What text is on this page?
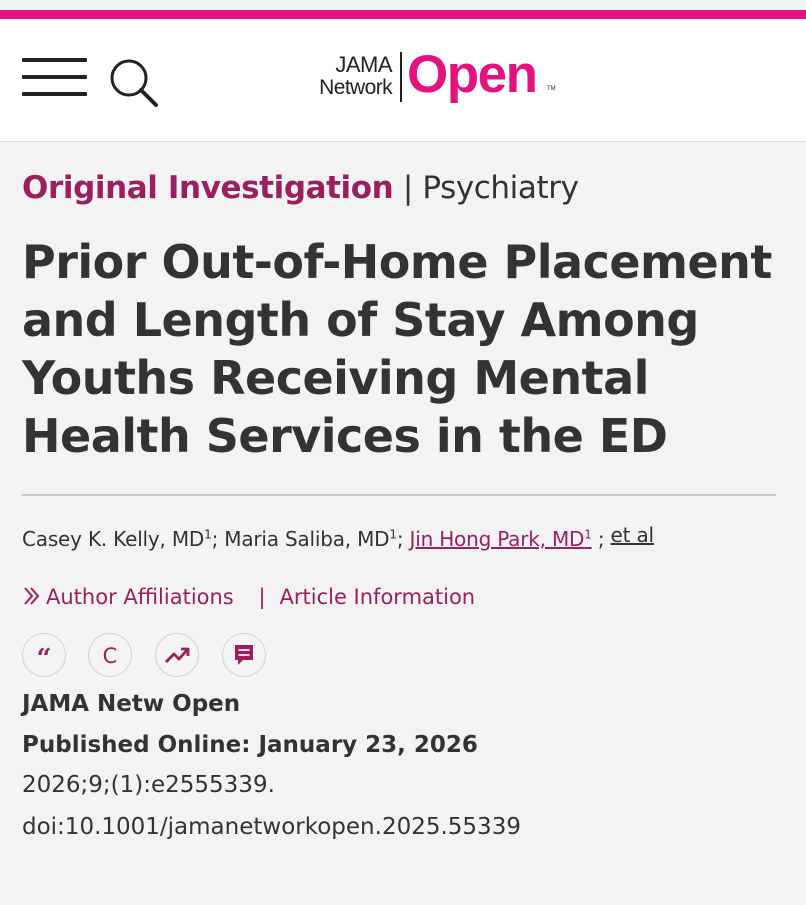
JAMA
Network Open TM
Original Investigation | Psychiatry
Prior Out-of-Home Placement and Length of Stay Among Youths Receiving Mental Health Services in the ED
Casey K. Kelly, $MD^1$; Maria Saliba, $MD^1$; Jin Hong Park, $MD^1$ ; et al
Author Affiliations | Article Information
“ C
JAMA Netw Open
Published Online: January 23, 2026
2026;9;(1):e2555339.
doi:10.1001/jamanetworkopen.2025.55339
